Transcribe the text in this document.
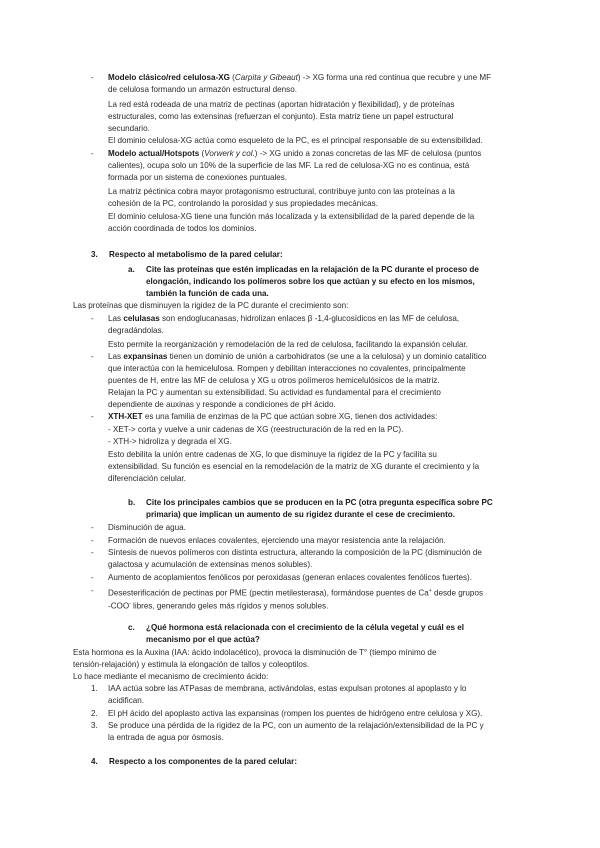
- Modelo clásico/red celulosa-XG (Carpita y Gibeaut) -> XG forma una red continua que recubre y une MF
de celulosa formando un armazón estructural denso.
La red está rodeada de una matriz de pectinas (aportan hidratación y flexibilidad), y de proteínas
estructurales, como las extensinas (refuerzan el conjunto). Esta matriz tiene un papel estructural
secundario.
El dominio celulosa-XG actúa como esqueleto de la PC, es el principal responsable de su extensibilidad.
- Modelo actual/Hotspots (Vorwerk y col.) -> XG unido a zonas concretas de las MF de celulosa (puntos
calientes), ocupa solo un 10% de la superficie de las MF. La red de celulosa-XG no es continua, está
formada por un sistema de conexiones puntuales.
La matriz péctinica cobra mayor protagonismo estructural, contribuye junto con las proteínas a la
cohesión de la PC, controlando la porosidad y sus propiedades mecánicas.
El dominio celulosa-XG tiene una función más localizada y la extensibilidad de la pared depende de la
acción coordinada de todos los dominios.
3. Respecto al metabolismo de la pared celular:
a. Cite las proteínas que estén implicadas en la relajación de la PC durante el proceso de
elongación, indicando los polímeros sobre los que actúan y su efecto en los mismos,
también la función de cada una.
Las proteínas que disminuyen la rigidez de la PC durante el crecimiento son:
- Las celulasas son endoglucanasas, hidrolizan enlaces β -1,4-glucosídicos en las MF de celulosa,
degradándolas.
Esto permite la reorganización y remodelación de la red de celulosa, facilitando la expansión celular.
- Las expansinas tienen un dominio de unión a carbohidratos (se une a la celulosa) y un dominio catalítico
que interactúa con la hemicelulosa. Rompen y debilitan interacciones no covalentes, principalmente
puentes de H, entre las MF de celulosa y XG u otros polímeros hemicelulósicos de la matriz.
Relajan la PC y aumentan su extensibilidad. Su actividad es fundamental para el crecimiento
dependiente de auxinas y responde a condiciones de pH ácido.
- XTH-XET es una familia de enzimas de la PC que actúan sobre XG, tienen dos actividades:
- XET-> corta y vuelve a unir cadenas de XG (reestructuración de la red en la PC).
- XTH-> hidroliza y degrada el XG.
Esto debilita la unión entre cadenas de XG, lo que disminuye la rigidez de la PC y facilita su
extensibilidad. Su función es esencial en la remodelación de la matriz de XG durante el crecimiento y la
diferenciación celular.
b. Cite los principales cambios que se producen en la PC (otra pregunta específica sobre PC
primaria) que implican un aumento de su rigidez durante el cese de crecimiento.
- Disminución de agua.
- Formación de nuevos enlaces covalentes, ejerciendo una mayor resistencia ante la relajación.
- Síntesis de nuevos polímeros con distinta estructura, alterando la composición de la PC (disminución de
galactosa y acumulación de extensinas menos solubles).
- Aumento de acoplamientos fenólicos por peroxidasas (generan enlaces covalentes fenólicos fuertes).
- Desesterificación de pectinas por PME (pectin metilesterasa), formándose puentes de Ca+ desde grupos
-COO- libres, generando geles más rígidos y menos solubles.
c. ¿Qué hormona está relacionada con el crecimiento de la célula vegetal y cuál es el
mecanismo por el que actúa?
Esta hormona es la Auxina (IAA: ácido indolacético), provoca la disminución de T° (tiempo mínimo de
tensión-relajación) y estimula la elongación de tallos y coleoptilos.
Lo hace mediante el mecanismo de crecimiento ácido:
1. IAA actúa sobre las ATPasas de membrana, activándolas, estas expulsan protones al apoplasto y lo
acidifican.
2. El pH ácido del apoplasto activa las expansinas (rompen los puentes de hidrógeno entre celulosa y XG).
3. Se produce una pérdida de la rigidez de la PC, con un aumento de la relajación/extensibilidad de la PC y
la entrada de agua por ósmosis.
4. Respecto a los componentes de la pared celular:
